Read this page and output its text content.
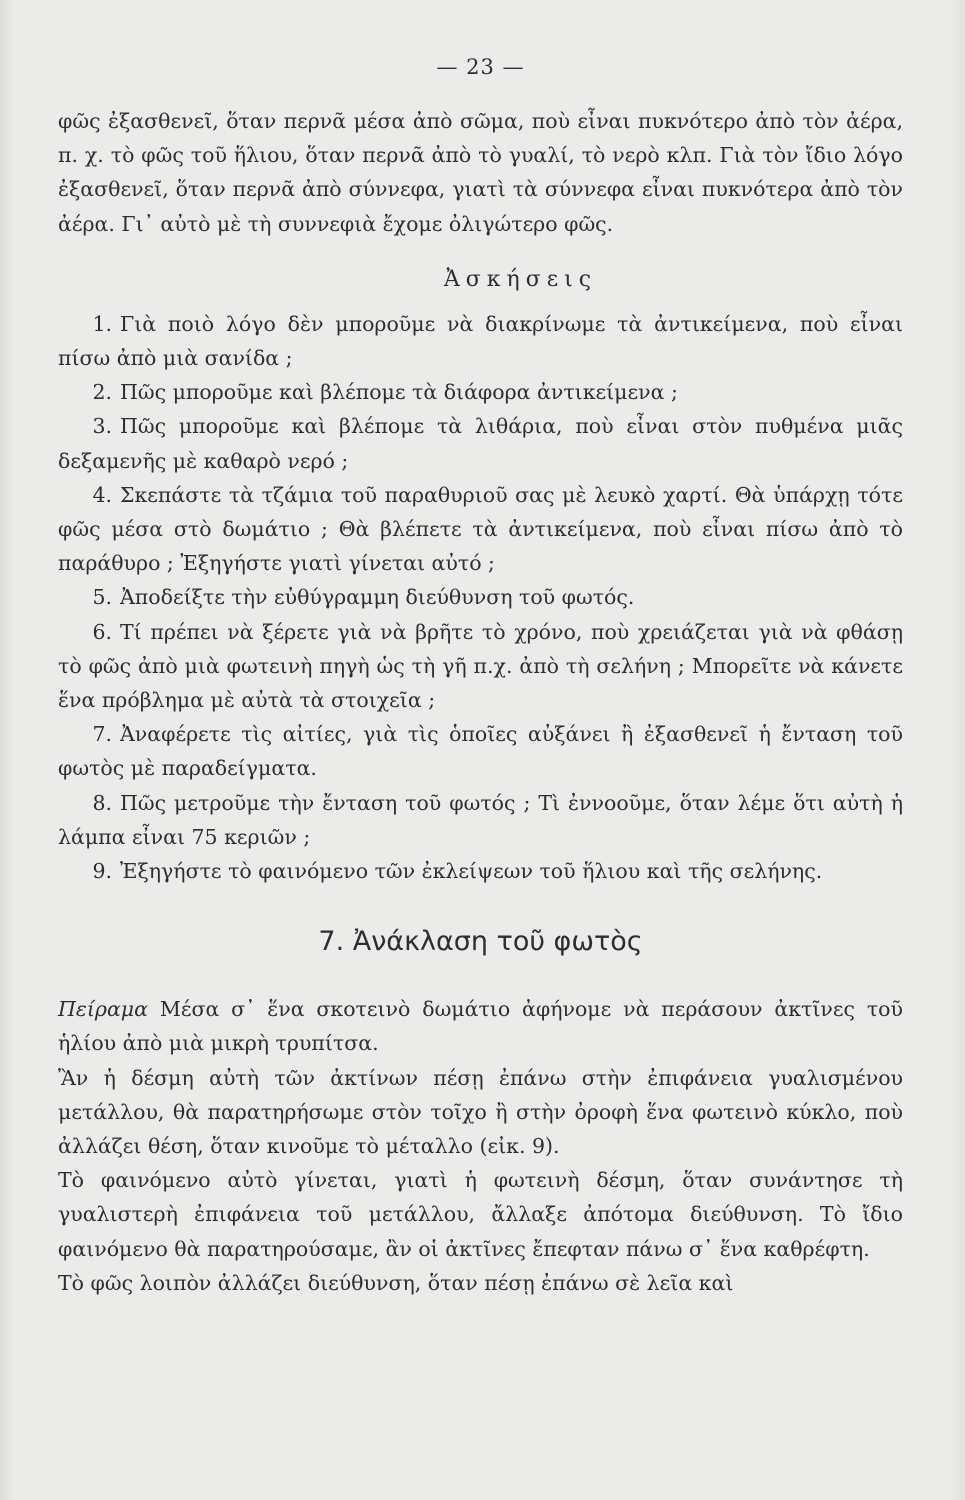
— 23 —

φῶς ἐξασθενεῖ, ὅταν περνᾶ μέσα ἀπὸ σῶμα, ποὺ εἶναι πυκνότερο ἀπὸ τὸν ἀέρα, π. χ. τὸ φῶς τοῦ ἥλιου, ὅταν περνᾶ ἀπὸ τὸ γυαλί, τὸ νερὸ κλπ. Γιὰ τὸν ἴδιο λόγο ἐξασθενεῖ, ὅταν περνᾶ ἀπὸ σύννεφα, γιατὶ τὰ σύννεφα εἶναι πυκνότερα ἀπὸ τὸν ἀέρα. Γι᾿ αὐτὸ μὲ τὴ συννεφιὰ ἔχομε ὀλιγώτερο φῶς.

Ἀσκήσεις

1. Γιὰ ποιὸ λόγο δὲν μποροῦμε νὰ διακρίνωμε τὰ ἀντικείμενα, ποὺ εἶναι πίσω ἀπὸ μιὰ σανίδα ;

2. Πῶς μποροῦμε καὶ βλέπομε τὰ διάφορα ἀντικείμενα ;

3. Πῶς μποροῦμε καὶ βλέπομε τὰ λιθάρια, ποὺ εἶναι στὸν πυθμένα μιᾶς δεξαμενῆς μὲ καθαρὸ νερό ;

4. Σκεπάστε τὰ τζάμια τοῦ παραθυριοῦ σας μὲ λευκὸ χαρτί. Θὰ ὑπάρχῃ τότε φῶς μέσα στὸ δωμάτιο ; Θὰ βλέπετε τὰ ἀντικείμενα, ποὺ εἶναι πίσω ἀπὸ τὸ παράθυρο ; Ἐξηγήστε γιατὶ γίνεται αὐτό ;

5. Ἀποδείξτε τὴν εὐθύγραμμη διεύθυνση τοῦ φωτός.

6. Τί πρέπει νὰ ξέρετε γιὰ νὰ βρῆτε τὸ χρόνο, ποὺ χρειάζεται γιὰ νὰ φθάσῃ τὸ φῶς ἀπὸ μιὰ φωτεινὴ πηγὴ ὡς τὴ γῆ π.χ. ἀπὸ τὴ σελήνη ; Μπορεῖτε νὰ κάνετε ἕνα πρόβλημα μὲ αὐτὰ τὰ στοιχεῖα ;

7. Ἀναφέρετε τὶς αἰτίες, γιὰ τὶς ὁποῖες αὐξάνει ἢ ἐξασθενεῖ ἡ ἔνταση τοῦ φωτὸς μὲ παραδείγματα.

8. Πῶς μετροῦμε τὴν ἔνταση τοῦ φωτός ; Τὶ ἐννοοῦμε, ὅταν λέμε ὅτι αὐτὴ ἡ λάμπα εἶναι 75 κεριῶν ;

9. Ἐξηγήστε τὸ φαινόμενο τῶν ἐκλείψεων τοῦ ἥλιου καὶ τῆς σελήνης.

7. Ἀνάκλαση τοῦ φωτὸς

Πείραμα Μέσα σ᾿ ἕνα σκοτεινὸ δωμάτιο ἀφήνομε νὰ περάσουν ἀκτῖνες τοῦ ἡλίου ἀπὸ μιὰ μικρὴ τρυπίτσα.

Ἂν ἡ δέσμη αὐτὴ τῶν ἀκτίνων πέσῃ ἐπάνω στὴν ἐπιφάνεια γυαλισμένου μετάλλου, θὰ παρατηρήσωμε στὸν τοῖχο ἢ στὴν ὀροφὴ ἕνα φωτεινὸ κύκλο, ποὺ ἀλλάζει θέση, ὅταν κινοῦμε τὸ μέταλλο (εἰκ. 9).

Τὸ φαινόμενο αὐτὸ γίνεται, γιατὶ ἡ φωτεινὴ δέσμη, ὅταν συνάντησε τὴ γυαλιστερὴ ἐπιφάνεια τοῦ μετάλλου, ἄλλαξε ἀπότομα διεύθυνση. Τὸ ἴδιο φαινόμενο θὰ παρατηρούσαμε, ἂν οἱ ἀκτῖνες ἔπεφταν πάνω σ᾿ ἕνα καθρέφτη.

Τὸ φῶς λοιπὸν ἀλλάζει διεύθυνση, ὅταν πέσῃ ἐπάνω σὲ λεῖα καὶ
